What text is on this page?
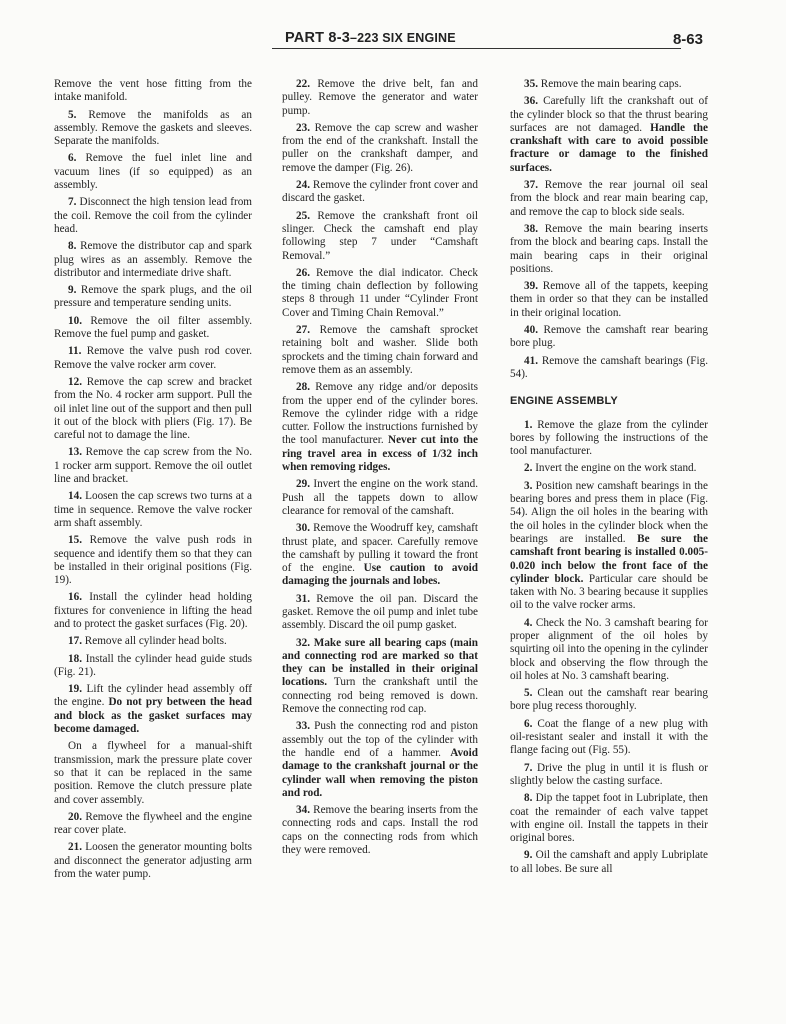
PART 8-3–223 SIX ENGINE	8-63

Remove the vent hose fitting from the intake manifold.

5. Remove the manifolds as an assembly. Remove the gaskets and sleeves. Separate the manifolds.

6. Remove the fuel inlet line and vacuum lines (if so equipped) as an assembly.

7. Disconnect the high tension lead from the coil. Remove the coil from the cylinder head.

8. Remove the distributor cap and spark plug wires as an assembly. Remove the distributor and intermediate drive shaft.

9. Remove the spark plugs, and the oil pressure and temperature sending units.

10. Remove the oil filter assembly. Remove the fuel pump and gasket.

11. Remove the valve push rod cover. Remove the valve rocker arm cover.

12. Remove the cap screw and bracket from the No. 4 rocker arm support. Pull the oil inlet line out of the support and then pull it out of the block with pliers (Fig. 17). Be careful not to damage the line.

13. Remove the cap screw from the No. 1 rocker arm support. Remove the oil outlet line and bracket.

14. Loosen the cap screws two turns at a time in sequence. Remove the valve rocker arm shaft assembly.

15. Remove the valve push rods in sequence and identify them so that they can be installed in their original positions (Fig. 19).

16. Install the cylinder head holding fixtures for convenience in lifting the head and to protect the gasket surfaces (Fig. 20).

17. Remove all cylinder head bolts.

18. Install the cylinder head guide studs (Fig. 21).

19. Lift the cylinder head assembly off the engine. Do not pry between the head and block as the gasket surfaces may become damaged.

On a flywheel for a manual-shift transmission, mark the pressure plate cover so that it can be replaced in the same position. Remove the clutch pressure plate and cover assembly.

20. Remove the flywheel and the engine rear cover plate.

21. Loosen the generator mounting bolts and disconnect the generator adjusting arm from the water pump.

22. Remove the drive belt, fan and pulley. Remove the generator and water pump.

23. Remove the cap screw and washer from the end of the crankshaft. Install the puller on the crankshaft damper, and remove the damper (Fig. 26).

24. Remove the cylinder front cover and discard the gasket.

25. Remove the crankshaft front oil slinger. Check the camshaft end play following step 7 under “Camshaft Removal.”

26. Remove the dial indicator. Check the timing chain deflection by following steps 8 through 11 under “Cylinder Front Cover and Timing Chain Removal.”

27. Remove the camshaft sprocket retaining bolt and washer. Slide both sprockets and the timing chain forward and remove them as an assembly.

28. Remove any ridge and/or deposits from the upper end of the cylinder bores. Remove the cylinder ridge with a ridge cutter. Follow the instructions furnished by the tool manufacturer. Never cut into the ring travel area in excess of 1/32 inch when removing ridges.

29. Invert the engine on the work stand. Push all the tappets down to allow clearance for removal of the camshaft.

30. Remove the Woodruff key, camshaft thrust plate, and spacer. Carefully remove the camshaft by pulling it toward the front of the engine. Use caution to avoid damaging the journals and lobes.

31. Remove the oil pan. Discard the gasket. Remove the oil pump and inlet tube assembly. Discard the oil pump gasket.

32. Make sure all bearing caps (main and connecting rod are marked so that they can be installed in their original locations. Turn the crankshaft until the connecting rod being removed is down. Remove the connecting rod cap.

33. Push the connecting rod and piston assembly out the top of the cylinder with the handle end of a hammer. Avoid damage to the crankshaft journal or the cylinder wall when removing the piston and rod.

34. Remove the bearing inserts from the connecting rods and caps. Install the rod caps on the connecting rods from which they were removed.

35. Remove the main bearing caps.

36. Carefully lift the crankshaft out of the cylinder block so that the thrust bearing surfaces are not damaged. Handle the crankshaft with care to avoid possible fracture or damage to the finished surfaces.

37. Remove the rear journal oil seal from the block and rear main bearing cap, and remove the cap to block side seals.

38. Remove the main bearing inserts from the block and bearing caps. Install the main bearing caps in their original positions.

39. Remove all of the tappets, keeping them in order so that they can be installed in their original location.

40. Remove the camshaft rear bearing bore plug.

41. Remove the camshaft bearings (Fig. 54).

ENGINE ASSEMBLY

1. Remove the glaze from the cylinder bores by following the instructions of the tool manufacturer.

2. Invert the engine on the work stand.

3. Position new camshaft bearings in the bearing bores and press them in place (Fig. 54). Align the oil holes in the bearing with the oil holes in the cylinder block when the bearings are installed. Be sure the camshaft front bearing is installed 0.005-0.020 inch below the front face of the cylinder block. Particular care should be taken with No. 3 bearing because it supplies oil to the valve rocker arms.

4. Check the No. 3 camshaft bearing for proper alignment of the oil holes by squirting oil into the opening in the cylinder block and observing the flow through the oil holes at No. 3 camshaft bearing.

5. Clean out the camshaft rear bearing bore plug recess thoroughly.

6. Coat the flange of a new plug with oil-resistant sealer and install it with the flange facing out (Fig. 55).

7. Drive the plug in until it is flush or slightly below the casting surface.

8. Dip the tappet foot in Lubriplate, then coat the remainder of each valve tappet with engine oil. Install the tappets in their original bores.

9. Oil the camshaft and apply Lubriplate to all lobes. Be sure all
